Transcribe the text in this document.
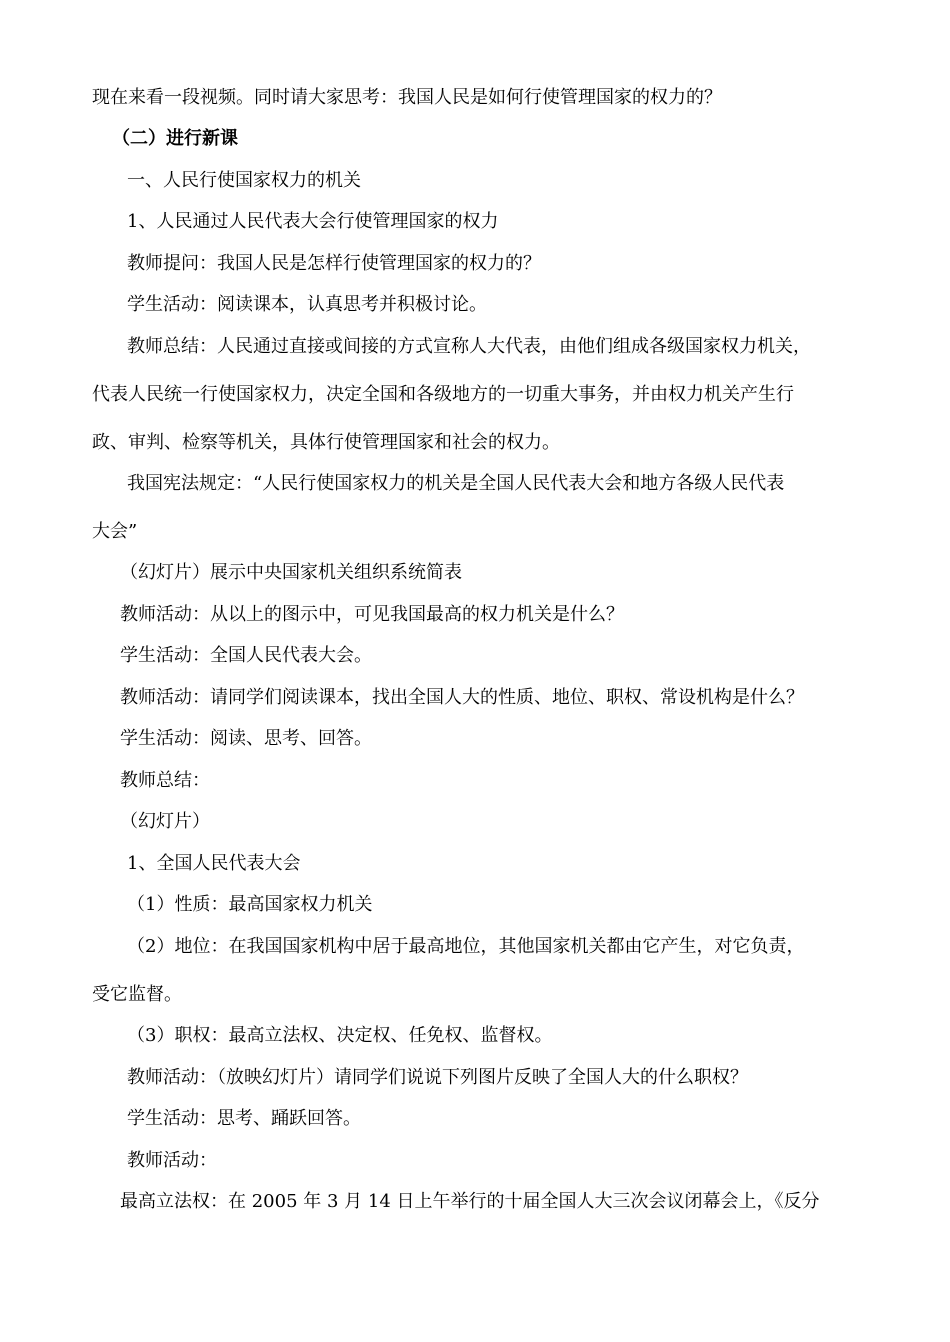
现在来看一段视频。同时请大家思考：我国人民是如何行使管理国家的权力的？
（二）进行新课
一、人民行使国家权力的机关
1、人民通过人民代表大会行使管理国家的权力
教师提问：我国人民是怎样行使管理国家的权力的？
学生活动：阅读课本，认真思考并积极讨论。
教师总结：人民通过直接或间接的方式宣称人大代表，由他们组成各级国家权力机关，
代表人民统一行使国家权力，决定全国和各级地方的一切重大事务，并由权力机关产生行
政、审判、检察等机关，具体行使管理国家和社会的权力。
我国宪法规定：“人民行使国家权力的机关是全国人民代表大会和地方各级人民代表
大会”
（幻灯片）展示中央国家机关组织系统简表
教师活动：从以上的图示中，可见我国最高的权力机关是什么？
学生活动：全国人民代表大会。
教师活动：请同学们阅读课本，找出全国人大的性质、地位、职权、常设机构是什么？
学生活动：阅读、思考、回答。
教师总结：
（幻灯片）
1、全国人民代表大会
（1）性质：最高国家权力机关
（2）地位：在我国国家机构中居于最高地位，其他国家机关都由它产生，对它负责，
受它监督。
（3）职权：最高立法权、决定权、任免权、监督权。
教师活动：（放映幻灯片）请同学们说说下列图片反映了全国人大的什么职权？
学生活动：思考、踊跃回答。
教师活动：
最高立法权：在 2005 年 3 月 14 日上午举行的十届全国人大三次会议闭幕会上，《反分
